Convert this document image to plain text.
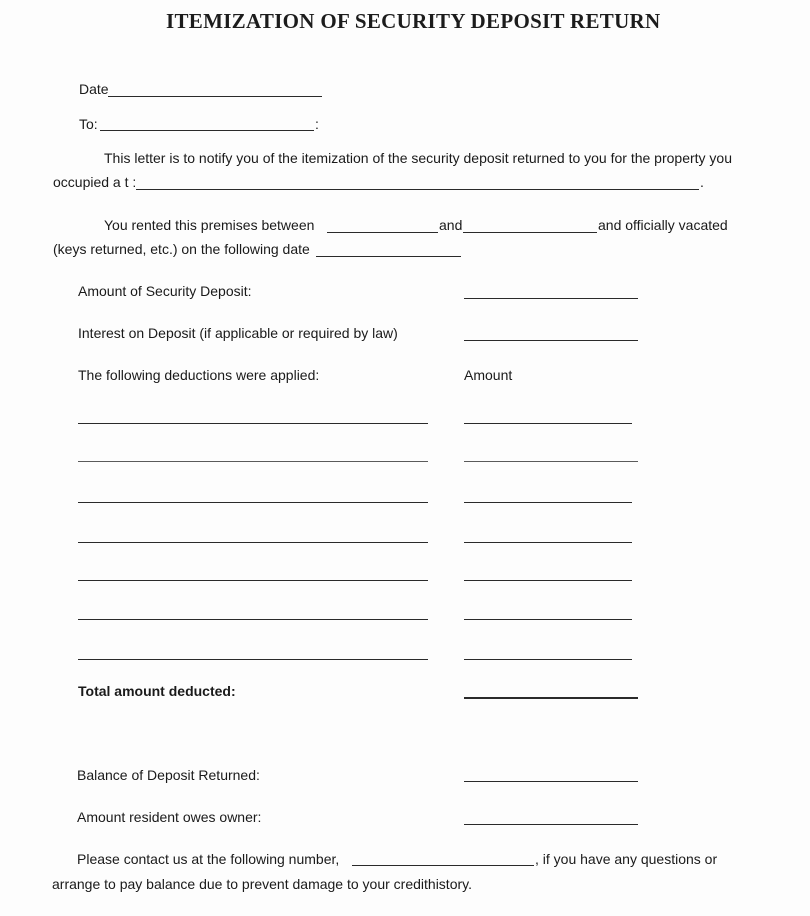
ITEMIZATION OF SECURITY DEPOSIT RETURN
Date
To:	:
This letter is to notify you of the itemization of the security deposit returned to you for the property you
occupied a t :	.
You rented this premises between	and	and officially vacated
(keys returned, etc.) on the following date
Amount of Security Deposit:
Interest on Deposit (if applicable or required by law)
The following deductions were applied:	Amount
Total amount deducted:
Balance of Deposit Returned:
Amount resident owes owner:
Please contact us at the following number,	, if you have any questions or
arrange to pay balance due to prevent damage to your credithistory.
